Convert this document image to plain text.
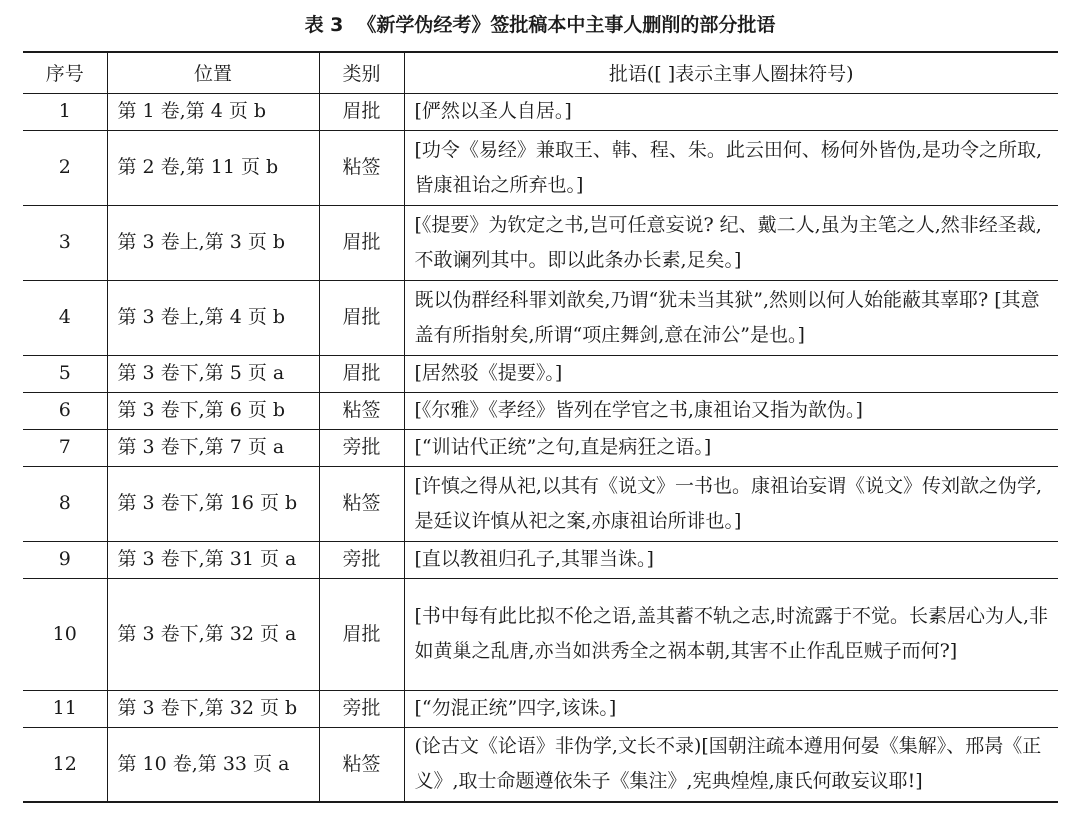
表 3 《新学伪经考》签批稿本中主事人删削的部分批语
序号	位置	类别	批语([ ]表示主事人圈抹符号)
1	第 1 卷,第 4 页 b	眉批	[俨然以圣人自居。]
2	第 2 卷,第 11 页 b	粘签	[功令《易经》兼取王、韩、程、朱。此云田何、杨何外皆伪,是功令之所取,皆康祖诒之所弃也。]
3	第 3 卷上,第 3 页 b	眉批	[《提要》为钦定之书,岂可任意妄说? 纪、戴二人,虽为主笔之人,然非经圣裁,不敢谰列其中。即以此条办长素,足矣。]
4	第 3 卷上,第 4 页 b	眉批	既以伪群经科罪刘歆矣,乃谓“犹未当其狱”,然则以何人始能蔽其辜耶? [其意盖有所指射矣,所谓“项庄舞剑,意在沛公”是也。]
5	第 3 卷下,第 5 页 a	眉批	[居然驳《提要》。]
6	第 3 卷下,第 6 页 b	粘签	[《尔雅》《孝经》皆列在学官之书,康祖诒又指为歆伪。]
7	第 3 卷下,第 7 页 a	旁批	[“训诂代正统”之句,直是病狂之语。]
8	第 3 卷下,第 16 页 b	粘签	[许慎之得从祀,以其有《说文》一书也。康祖诒妄谓《说文》传刘歆之伪学,是廷议许慎从祀之案,亦康祖诒所诽也。]
9	第 3 卷下,第 31 页 a	旁批	[直以教祖归孔子,其罪当诛。]
10	第 3 卷下,第 32 页 a	眉批	[书中每有此比拟不伦之语,盖其蓄不轨之志,时流露于不觉。长素居心为人,非如黄巢之乱唐,亦当如洪秀全之祸本朝,其害不止作乱臣贼子而何?]
11	第 3 卷下,第 32 页 b	旁批	[“勿混正统”四字,该诛。]
12	第 10 卷,第 33 页 a	粘签	(论古文《论语》非伪学,文长不录)[国朝注疏本遵用何晏《集解》、邢昺《正义》,取士命题遵依朱子《集注》,宪典煌煌,康氏何敢妄议耶!]
